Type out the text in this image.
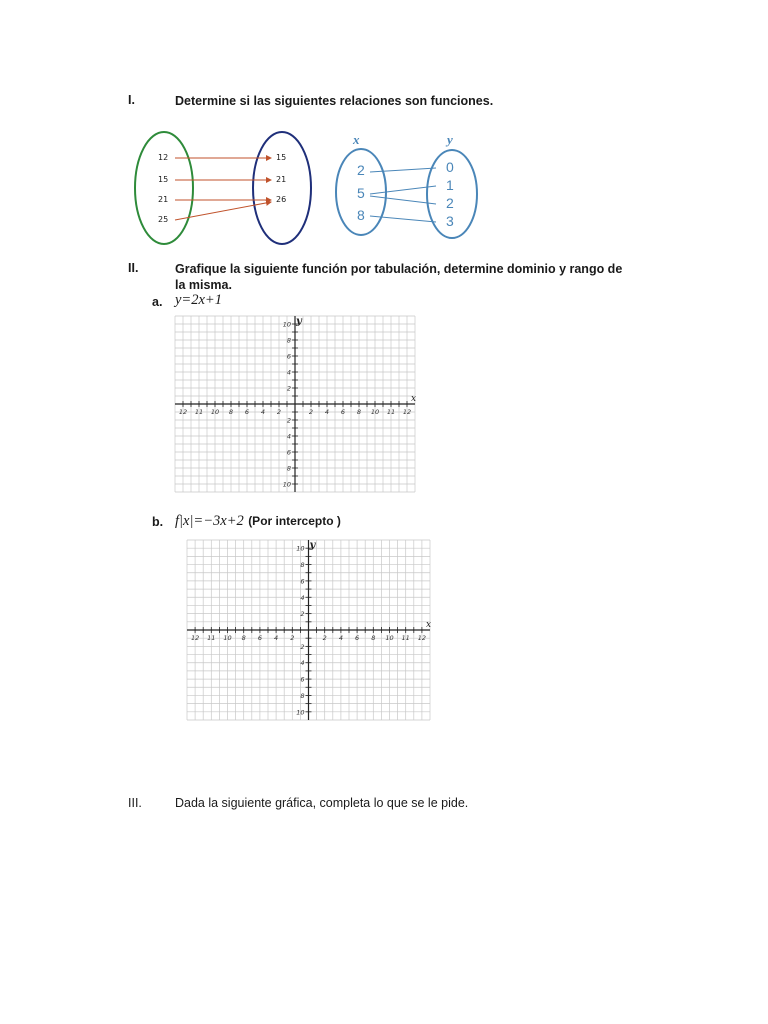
I.	Determine si las siguientes relaciones son funciones.
12
15
21
25
15
21
26
x	y
2
5
8
0
1
2
3
II.	Grafique la siguiente función por tabulación, determine dominio y rango de la misma.
a. y=2x+1
12 11 10 8 6 4 2	2 4 6 8 10 11 12
10
8
6
4
2
2
4
6
8
10
x
y
b. f|x|=−3x+2 (Por intercepto )
12 11 10 8 6 4 2	2 4 6 8 10 11 12
10
8
6
4
2
2
4
6
8
10
x
y
III.	Dada la siguiente gráfica, completa lo que se le pide.
